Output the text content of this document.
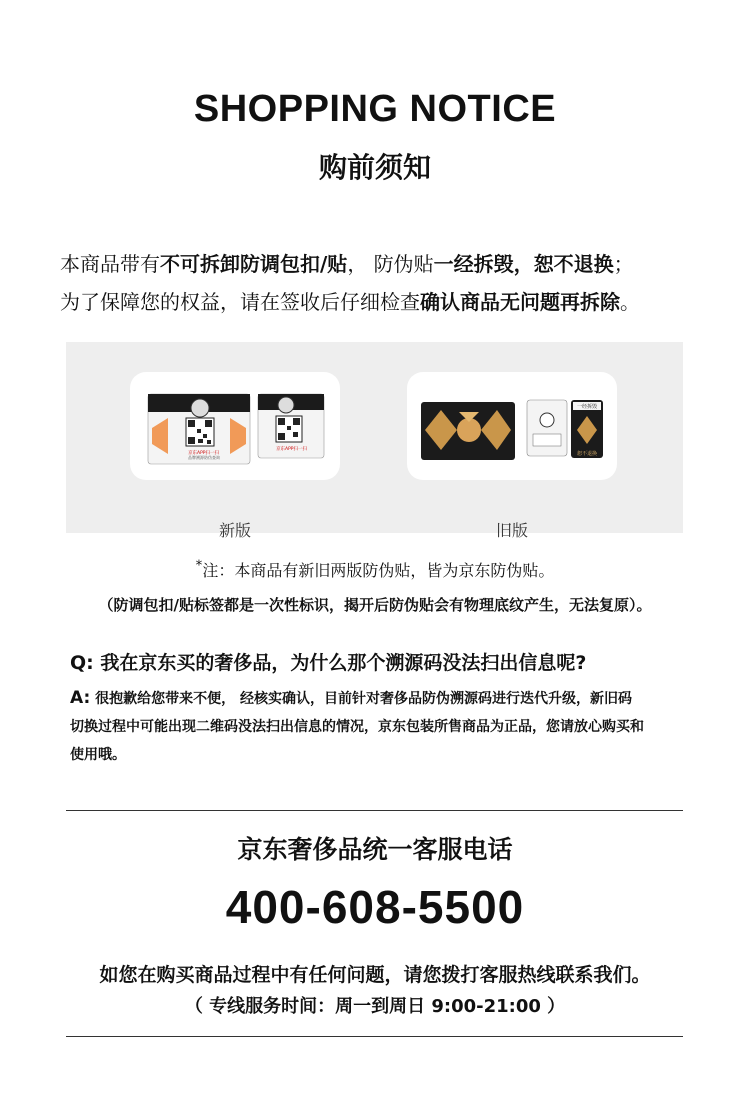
SHOPPING NOTICE
购前须知
本商品带有不可拆卸防调包扣/贴， 防伪贴一经拆毁，恕不退换；
为了保障您的权益，请在签收后仔细检查确认商品无问题再拆除。
京东APP扫一扫
品牌溯源防伪查询
京东APP扫一扫
新版
一经拆毁
恕不退换
旧版
*注：本商品有新旧两版防伪贴，皆为京东防伪贴。
（防调包扣/贴标签都是一次性标识，揭开后防伪贴会有物理底纹产生，无法复原）。
Q: 我在京东买的奢侈品，为什么那个溯源码没法扫出信息呢?
A: 很抱歉给您带来不便， 经核实确认，目前针对奢侈品防伪溯源码进行迭代升级，新旧码
切换过程中可能出现二维码没法扫出信息的情况，京东包装所售商品为正品，您请放心购买和
使用哦。
京东奢侈品统一客服电话
400-608-5500
如您在购买商品过程中有任何问题，请您拨打客服热线联系我们。
（ 专线服务时间：周一到周日 9:00-21:00 ）
